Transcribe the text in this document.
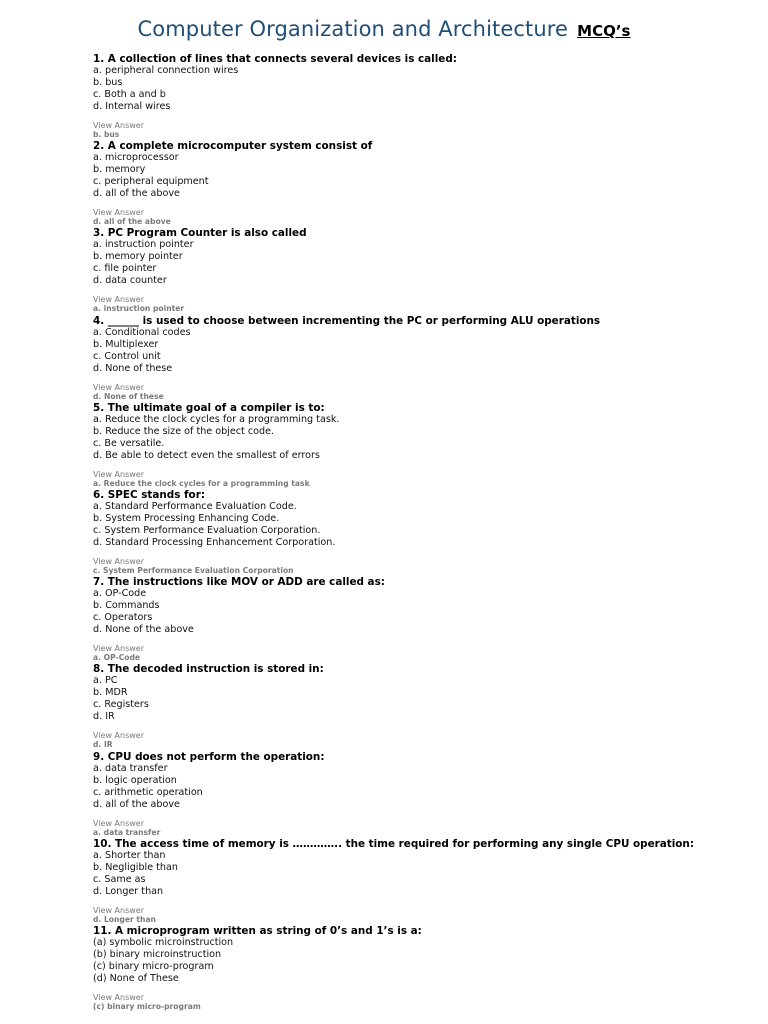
Computer Organization and Architecture MCQ’s
1. A collection of lines that connects several devices is called:
a. peripheral connection wires
b. bus
c. Both a and b
d. Internal wires
View Answer
b. bus
2. A complete microcomputer system consist of
a. microprocessor
b. memory
c. peripheral equipment
d. all of the above
View Answer
d. all of the above
3. PC Program Counter is also called
a. instruction pointer
b. memory pointer
c. file pointer
d. data counter
View Answer
a. instruction pointer
4. ______ is used to choose between incrementing the PC or performing ALU operations
a. Conditional codes
b. Multiplexer
c. Control unit
d. None of these
View Answer
d. None of these
5. The ultimate goal of a compiler is to:
a. Reduce the clock cycles for a programming task.
b. Reduce the size of the object code.
c. Be versatile.
d. Be able to detect even the smallest of errors
View Answer
a. Reduce the clock cycles for a programming task
6. SPEC stands for:
a. Standard Performance Evaluation Code.
b. System Processing Enhancing Code.
c. System Performance Evaluation Corporation.
d. Standard Processing Enhancement Corporation.
View Answer
c. System Performance Evaluation Corporation
7. The instructions like MOV or ADD are called as:
a. OP-Code
b. Commands
c. Operators
d. None of the above
View Answer
a. OP-Code
8. The decoded instruction is stored in:
a. PC
b. MDR
c. Registers
d. IR
View Answer
d. IR
9. CPU does not perform the operation:
a. data transfer
b. logic operation
c. arithmetic operation
d. all of the above
View Answer
a. data transfer
10. The access time of memory is ………….. the time required for performing any single CPU operation:
a. Shorter than
b. Negligible than
c. Same as
d. Longer than
View Answer
d. Longer than
11. A microprogram written as string of 0’s and 1’s is a:
(a) symbolic microinstruction
(b) binary microinstruction
(c) binary micro-program
(d) None of These
View Answer
(c) binary micro-program
